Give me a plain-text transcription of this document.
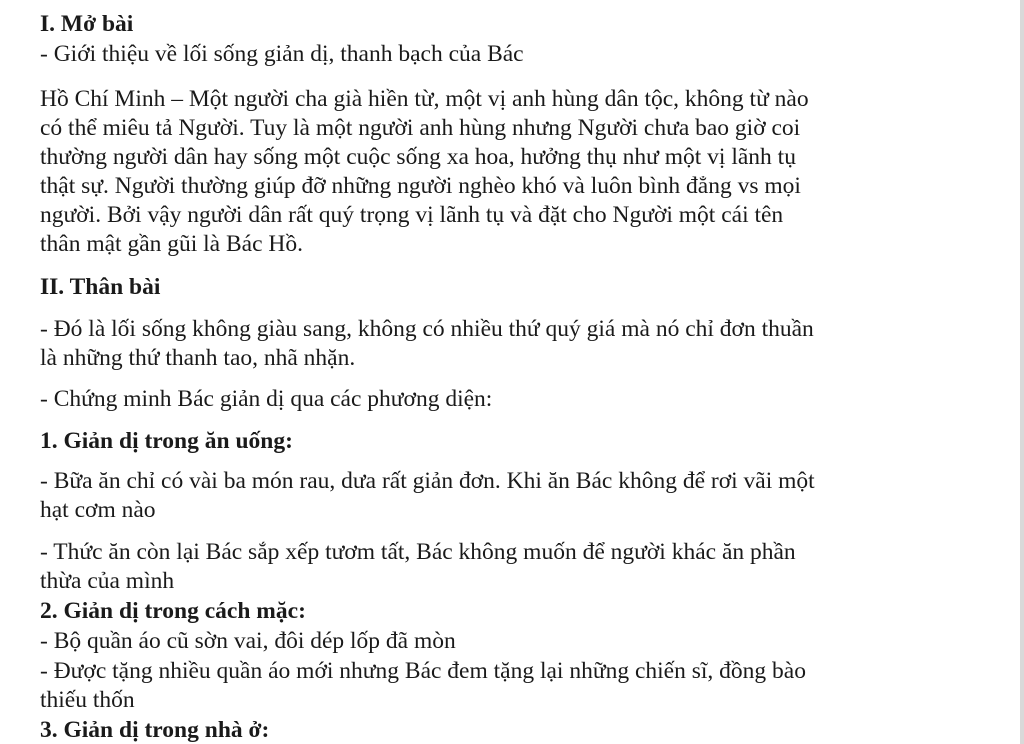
I. Mở bài

- Giới thiệu về lối sống giản dị, thanh bạch của Bác

Hồ Chí Minh – Một người cha già hiền từ, một vị anh hùng dân tộc, không từ nào

có thể miêu tả Người. Tuy là một người anh hùng nhưng Người chưa bao giờ coi

thường người dân hay sống một cuộc sống xa hoa, hưởng thụ như một vị lãnh tụ

thật sự. Người thường giúp đỡ những người nghèo khó và luôn bình đẳng vs mọi

người. Bởi vậy người dân rất quý trọng vị lãnh tụ và đặt cho Người một cái tên

thân mật gần gũi là Bác Hồ.

II. Thân bài

- Đó là lối sống không giàu sang, không có nhiều thứ quý giá mà nó chỉ đơn thuần

là những thứ thanh tao, nhã nhặn.

- Chứng minh Bác giản dị qua các phương diện:

1. Giản dị trong ăn uống:

- Bữa ăn chỉ có vài ba món rau, dưa rất giản đơn. Khi ăn Bác không để rơi vãi một

hạt cơm nào

- Thức ăn còn lại Bác sắp xếp tươm tất, Bác không muốn để người khác ăn phần

thừa của mình

2. Giản dị trong cách mặc:

- Bộ quần áo cũ sờn vai, đôi dép lốp đã mòn

- Được tặng nhiều quần áo mới nhưng Bác đem tặng lại những chiến sĩ, đồng bào

thiếu thốn

3. Giản dị trong nhà ở:
